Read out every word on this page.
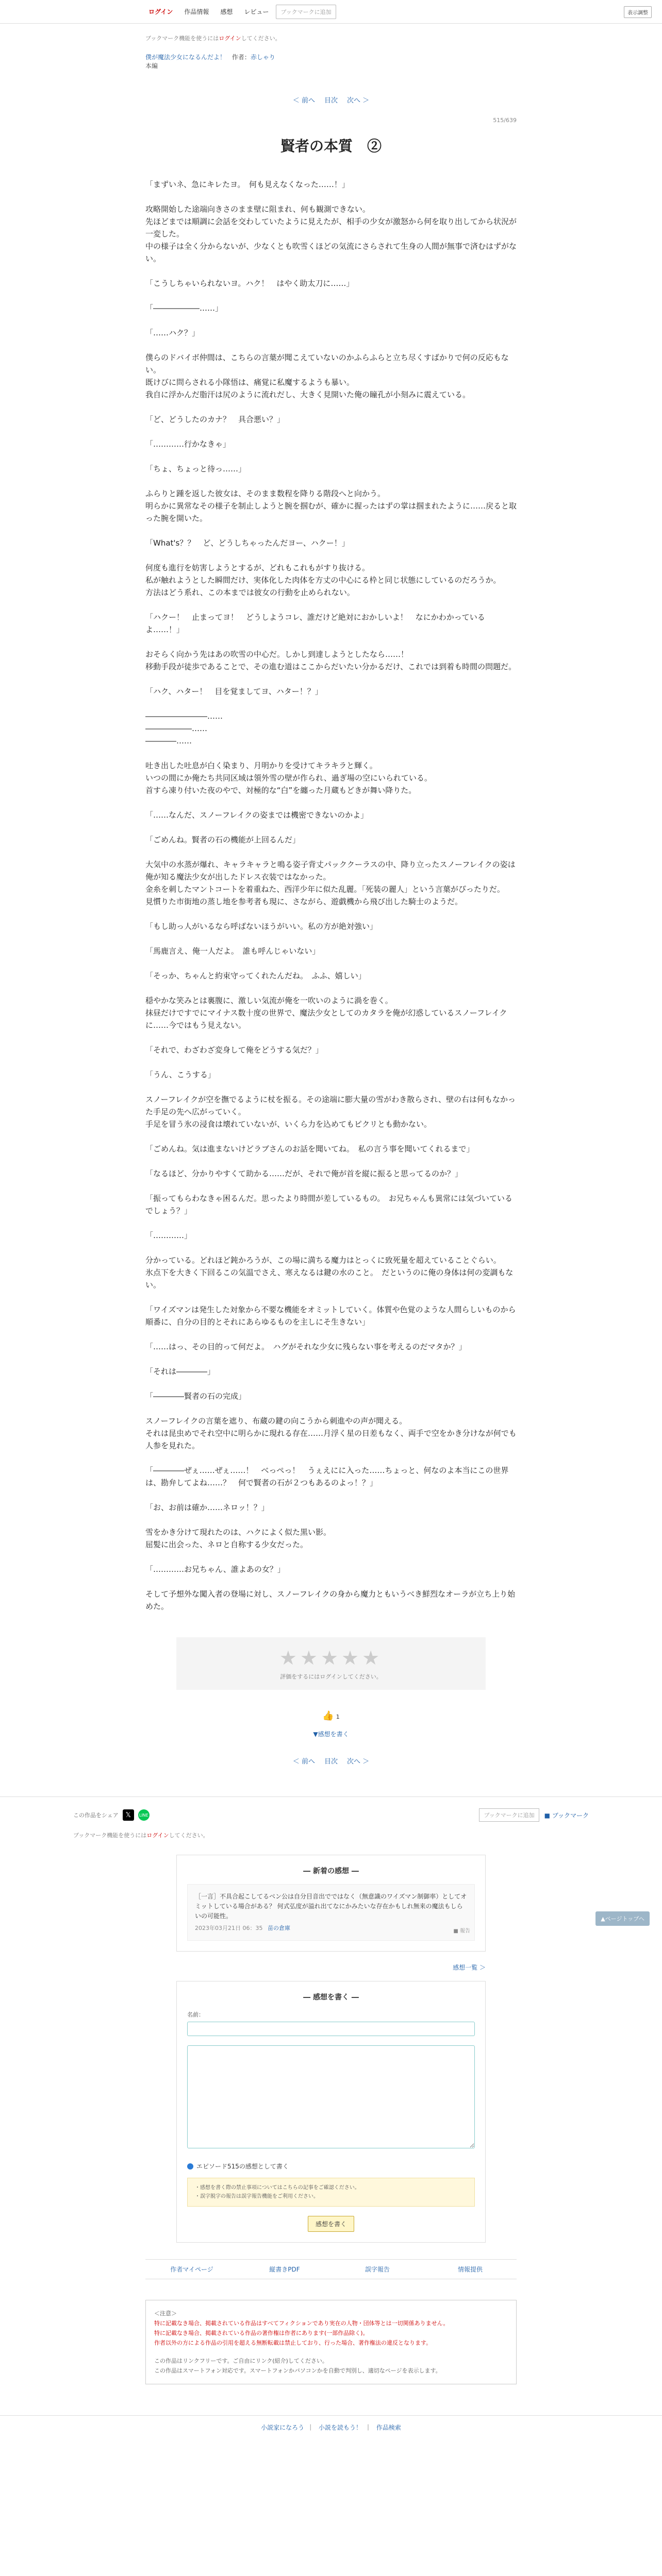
ログイン	作品情報	感想	レビュー	ブックマークに追加	表示調整
ブックマーク機能を使うにはログインしてください。
僕が魔法少女になるんだよ！ 作者：赤しゃり
本編
＜ 前へ 目次 次へ ＞
515/639
賢者の本質　②

「まずいネ、急にキレたヨ。　何も見えなくなった……！」

攻略開始した途端向きさのまま壁に阻まれ、何も観測できない。
先ほどまでは順調に会話を交わしていたように見えたが、相手の少女が激怒から何を取り出してから状況が一変した。
中の様子は全く分からないが、少なくとも吹雪くほどの気流にさらされて生身の人間が無事で済むはずがない。

「こうしちゃいられないヨ。ハク！　はやく助太刀に……」

「――――――……」

「……ハク？」

僕らのドバイボ仲間は、こちらの言葉が聞こえていないのかふらふらと立ち尽くすばかりで何の反応もない。
既けびに問らされる小隊悟は、痛覚に私魔するようも暴い。
我自に浮かんだ脂汗は尻のように流れだし、大きく見開いた俺の瞳孔が小刻みに震えている。

「ど、どうしたのカナ？　具合悪い？」

「…………行かなきゃ」

「ちょ、ちょっと待っ……」

ふらりと踵を返した彼女は、そのまま数程を降りる階段へと向かう。
明らかに異常なその様子を制止しようと腕を掴むが、確かに握ったはずの掌は掴まれたように……戻ると取った腕を開いた。

「What's？？　ど、どうしちゃったんだヨー、ハクー！」

何度も進行を妨害しようとするが、どれもこれもがすり抜ける。
私が触れようとした瞬間だけ、実体化した肉体を方丈の中心にる枠と同じ状態にしているのだろうか。
方法はどう系れ、この本までは彼女の行動を止められない。

「ハクー！　止まってヨ！　どうしようコレ、誰だけど絶対におかしいよ！　なにかわかっているよ……！」

おそらく向かう先はあの吹雪の中心だ。しかし到達しようとしたなら……！
移動手段が徒歩であることで、その進む道はここからだいたい分かるだけ、これでは到着も時間の問題だ。

「ハク、ハター！　目を覚ましてヨ、ハター！？」

――――――――……
――――――……
――――……

吐き出した吐息が白く染まり、月明かりを受けてキラキラと輝く。
いつの間にか俺たち共同区域は領外雪の壁が作られ、過ぎ場の空にいられている。
首すら凍り付いた夜のやで、対極的な“白”を纏った月蔵もどきが舞い降りた。

「……なんだ、スノーフレイクの姿までは機密できないのかよ」

「ごめんね。賢者の石の機能が上回るんだ」

大気中の水蒸が爆れ、キャラキャラと鳴る姿子背丈パッククーラスの中、降り立ったスノーフレイクの姿は俺が知る魔法少女が出したドレス衣装ではなかった。
金糸を刺したマントコートを着重ねた、西洋少年に似た乱麗。「死装の麗人」という言葉がぴったりだ。
見慣りた市街地の蒸し地を参考者も現に、さながら、遊戯機から飛び出した騎士のようだ。

「もし助っ人がいるなら呼ばないほうがいい。私の方が絶対強い」

「馬鹿言え、俺一人だよ。　誰も呼んじゃいない」

「そっか、ちゃんと約束守ってくれたんだね。　ふふ、嬉しい」

穏やかな笑みとは裏腹に、激しい気流が俺を一吹いのように渦を巻く。
抹昼だけですでにマイナス数十度の世界で、魔法少女としてのカタラを俺が幻惑しているスノーフレイクに……今ではもう見えない。

「それで、わざわざ変身して俺をどうする気だ？」

「うん、こうする」

スノーフレイクが空を撫でるように杖を振る。その途端に膨大量の雪がわき散らされ、壁の右は何もなかった手足の先へ広がっていく。
手足を冒う氷の浸食は壊れていないが、いくら力を込めてもピクリとも動かない。

「ごめんね。気は進まないけどラブさんのお話を聞いてね。　私の言う事を聞いてくれるまで」

「なるほど、分かりやすくて助かる……だが、それで俺が首を縦に振ると思ってるのか？」

「振ってもらわなきゃ困るんだ。思ったより時間が差しているもの。　お兄ちゃんも異常には気づいているでしょう？」

「…………」

分かっている。どれほど鈍かろうが、この場に満ちる魔力はとっくに致死量を超えていることぐらい。
氷点下を大きく下回るこの気温でさえ、寒えなるは鍵の水のこと。　だというのに俺の身体は何の変調もない。

「ワイズマンは発生した対象から不要な機能をオミットしていく。体質や色覚のような人間らしいものから順番に、自分の目的とそれにあらゆるものを主しにそ生きない」

「……はっ、その目的って何だよ。　ハグがそれな少女に残らない事を考えるのだマタか？」

「それは――――」

「――――賢者の石の完成」

スノーフレイクの言葉を遮り、布蔵の鍵の向こうから刺進やの声が聞える。
それは昆虫めでそれ空中に明らかに現れる存在……月浮く星の日差もなく、両手で空をかき分けなが何でも人参を見れた。

「――――ぜぇ……ぜぇ……！　べっぺっ！　うぇえにに入った……ちょっと、何なのよ本当にこの世界は、勘弁してよね……？　何で賢者の石が２つもあるのよっ！？」

「お、お前は確か……ネロッ！？」

雪をかき分けて現れたのは、ハクによく似た黒い影。
屈髪に出会った、ネロと自称する少女だった。

「…………お兄ちゃん、誰よあの女？」

そして予想外な闖入者の登場に対し、スノーフレイクの身から魔力ともいうべき鮮烈なオーラが立ち上り始めた。

★★★★★
評価をするにはログインしてください。
👍 1
▼感想を書く
＜ 前へ 目次 次へ ＞
この作品をシェア	𝕏	LINE	ブックマークに追加	■ ブックマーク
ブックマーク機能を使うにはログインしてください。
― 新着の感想 ―
［一言］不具合起こしてるベン公は自分目音出でではなく（無意識のワイズマン制御率）としてオミットしている場合がある？ 何式弘度が溢れ出てなにかみたいな存在かもしれ無来の魔法もしらいの可能性。
2023年03月21日 06：35 苗の倉庫	■ 報告
感想一覧 ＞
― 感想を書く ―
名前：

エピソード515の感想として書く
・感想を書く際の禁止事項についてはこちらの記事をご確認ください。
・誤字脱字の報告は誤字報告機能をご利用ください。
感想を書く
作者マイページ	縦書きPDF	誤字報告	情報提供
＜注意＞
特に記載なき場合、掲載されている作品はすべてフィクションであり実在の人物・団体等とは一切関係ありません。
特に記載なき場合、掲載されている作品の著作権は作者にあります(一部作品除く)。
作者以外の方による作品の引用を超える無断転載は禁止しており、行った場合、著作権法の違反となります。
この作品はリンクフリーです。ご自由にリンク(紹介)してください。
この作品はスマートフォン対応です。スマートフォンかパソコンかを自動で判別し、適切なページを表示します。
小説家になろう ｜ 小説を読もう！ ｜ 作品検索
▲ページトップへ
